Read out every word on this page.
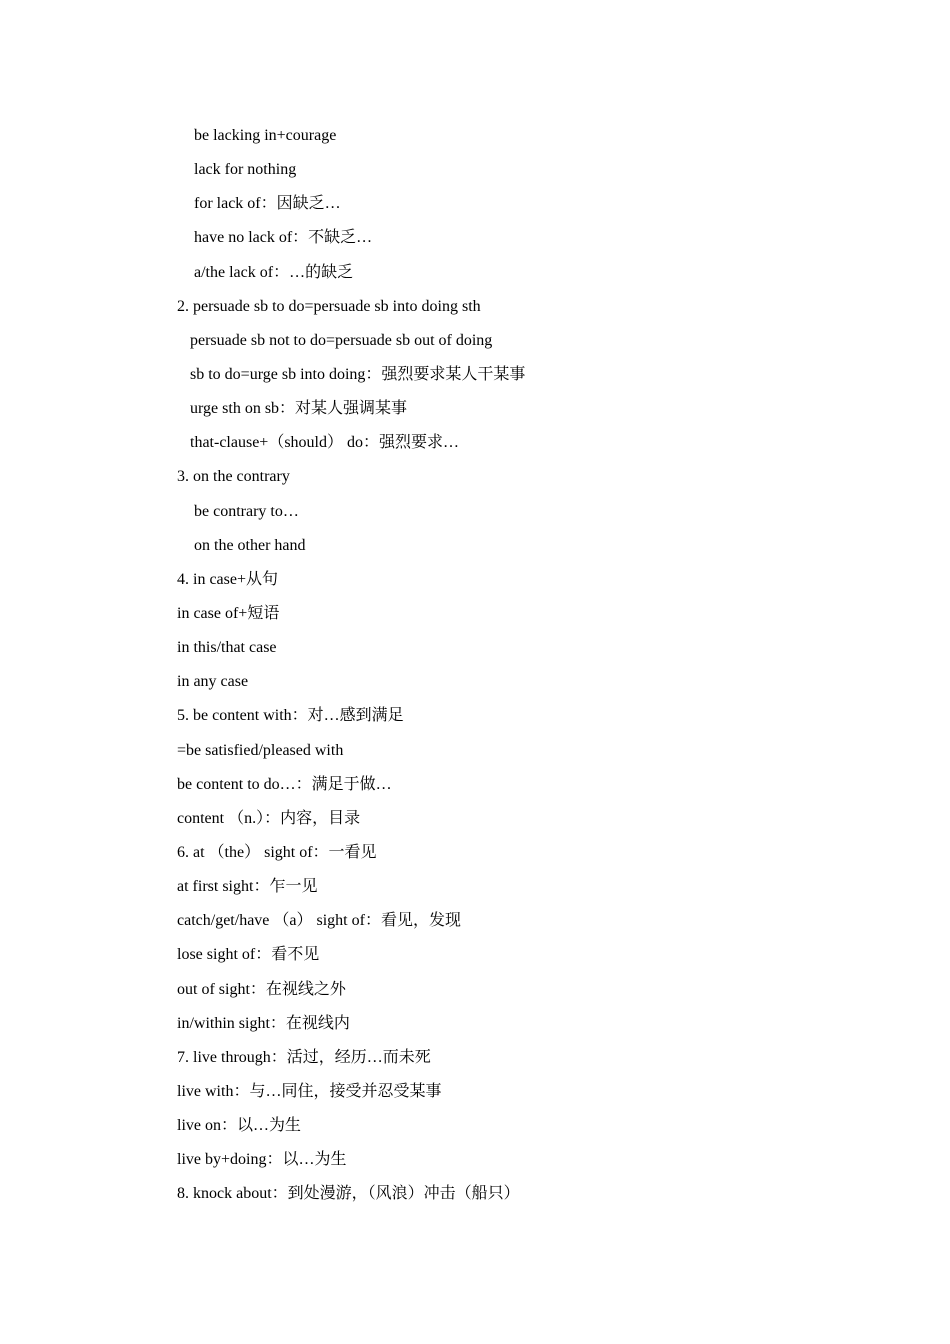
be lacking in+courage
lack for nothing
for lack of：因缺乏…
have no lack of：不缺乏…
a/the lack of：…的缺乏
2. persuade sb to do=persuade sb into doing sth
persuade sb not to do=persuade sb out of doing
sb to do=urge sb into doing：强烈要求某人干某事
urge sth on sb：对某人强调某事
that-clause+（should） do：强烈要求…
3. on the contrary
be contrary to…
on the other hand
4. in case+从句
in case of+短语
in this/that case
in any case
5. be content with：对…感到满足
=be satisfied/pleased with
be content to do…：满足于做…
content （n.）：内容，目录
6. at （the） sight of：一看见
at first sight：乍一见
catch/get/have （a） sight of：看见，发现
lose sight of：看不见
out of sight：在视线之外
in/within sight：在视线内
7. live through：活过，经历…而未死
live with：与…同住，接受并忍受某事
live on：以…为生
live by+doing：以…为生
8. knock about：到处漫游，（风浪）冲击（船只）
